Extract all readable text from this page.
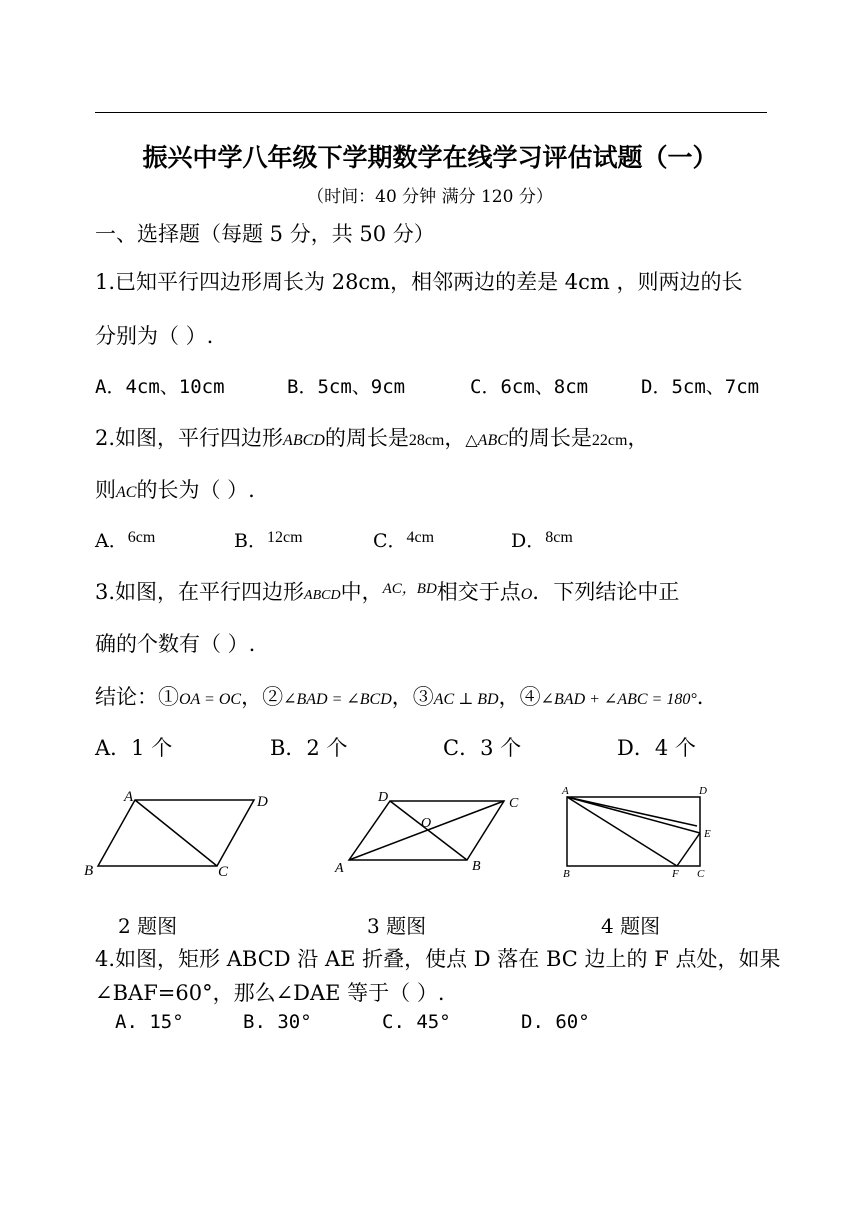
振兴中学八年级下学期数学在线学习评估试题（一）
（时间：40 分钟 满分 120 分）
一、选择题（每题 5 分，共 50 分）
1.已知平行四边形周长为 28cm，相邻两边的差是 4cm ，则两边的长
分别为（ ）.
A．4cm、10cm	B．5cm、9cm	C．6cm、8cm	D．5cm、7cm
2.如图，平行四边形ABCD的周长是28cm，△ABC的周长是22cm，
则AC的长为（ ）.
A．$^{6cm}$	B．$^{12cm}$	C．$^{4cm}$	D．$^{8cm}$
3.如图，在平行四边形ABCD中，$^{AC,BD}$相交于点O．下列结论中正
确的个数有（ ）.
结论：①OA = OC，②∠BAD = ∠BCD，③AC ⊥ BD，④∠BAD + ∠ABC = 180°.
A．1 个	B．2 个	C．3 个	D．4 个
A	D
B	C
D	C
O
A	B
A	D
E
B	F C
2 题图	3 题图	4 题图
4.如图，矩形 ABCD 沿 AE 折叠，使点 D 落在 BC 边上的 F 点处，如果
∠BAF=60°，那么∠DAE 等于（ ）.
A. 15°	B. 30°	C. 45°	D. 60°
